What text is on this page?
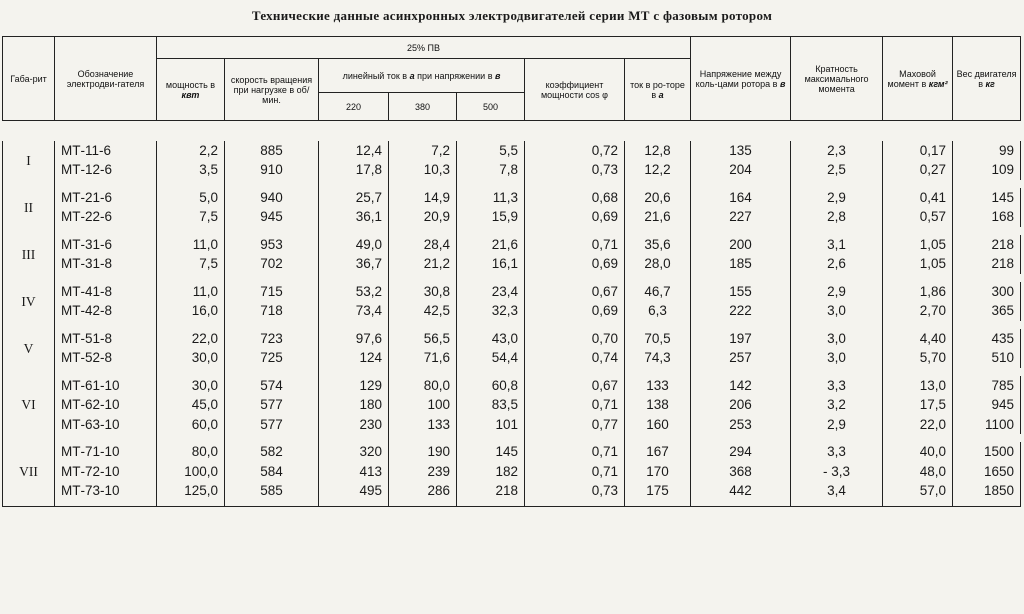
Технические данные асинхронных электродвигателей серии МТ с фазовым ротором
Габа-рит	Обозначение электродви-гателя	25% ПВ							Напряжение между коль-цами ротора в в	Кратность максимального момента	Маховой момент в кгм²	Вес двигателя в кг
		мощность в квт	скорость вращения при нагрузке в об/мин.	линейный ток в а при напряжении в в			коэффициент мощности cos φ	ток в ро-торе в а				
				220	380	500						

I	МТ-11-6	2,2	885	12,4	7,2	5,5	0,72	12,8	135	2,3	0,17	99
	МТ-12-6	3,5	910	17,8	10,3	7,8	0,73	12,2	204	2,5	0,27	109

II	МТ-21-6	5,0	940	25,7	14,9	11,3	0,68	20,6	164	2,9	0,41	145
	МТ-22-6	7,5	945	36,1	20,9	15,9	0,69	21,6	227	2,8	0,57	168

III	МТ-31-6	11,0	953	49,0	28,4	21,6	0,71	35,6	200	3,1	1,05	218
	МТ-31-8	7,5	702	36,7	21,2	16,1	0,69	28,0	185	2,6	1,05	218

IV	МТ-41-8	11,0	715	53,2	30,8	23,4	0,67	46,7	155	2,9	1,86	300
	МТ-42-8	16,0	718	73,4	42,5	32,3	0,69	6,3	222	3,0	2,70	365

V	МТ-51-8	22,0	723	97,6	56,5	43,0	0,70	70,5	197	3,0	4,40	435
	МТ-52-8	30,0	725	124	71,6	54,4	0,74	74,3	257	3,0	5,70	510

VI	МТ-61-10	30,0	574	129	80,0	60,8	0,67	133	142	3,3	13,0	785
	МТ-62-10	45,0	577	180	100	83,5	0,71	138	206	3,2	17,5	945
	МТ-63-10	60,0	577	230	133	101	0,77	160	253	2,9	22,0	1100

VII	МТ-71-10	80,0	582	320	190	145	0,71	167	294	3,3	40,0	1500
	МТ-72-10	100,0	584	413	239	182	0,71	170	368	- 3,3	48,0	1650
	МТ-73-10	125,0	585	495	286	218	0,73	175	442	3,4	57,0	1850
